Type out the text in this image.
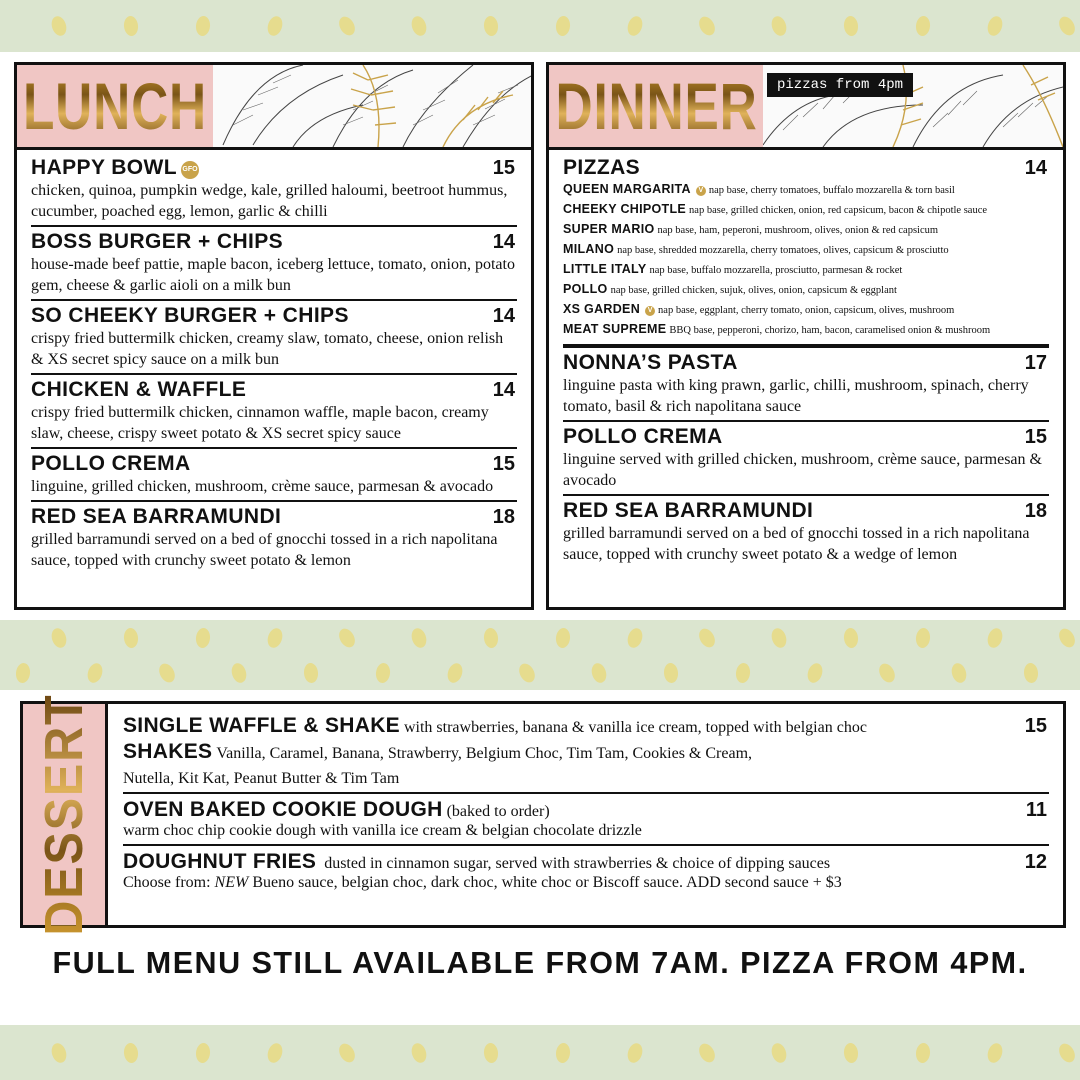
LUNCH
HAPPY BOWL GFO	15
chicken, quinoa, pumpkin wedge, kale, grilled haloumi, beetroot hummus, cucumber, poached egg, lemon, garlic & chilli
BOSS BURGER + CHIPS	14
house-made beef pattie, maple bacon, iceberg lettuce, tomato, onion, potato gem, cheese & garlic aioli on a milk bun
SO CHEEKY BURGER + CHIPS	14
crispy fried buttermilk chicken, creamy slaw, tomato, cheese, onion relish & XS secret spicy sauce on a milk bun
CHICKEN & WAFFLE	14
crispy fried buttermilk chicken, cinnamon waffle, maple bacon, creamy slaw, cheese, crispy sweet potato & XS secret spicy sauce
POLLO CREMA	15
linguine, grilled chicken, mushroom, crème sauce, parmesan & avocado
RED SEA BARRAMUNDI	18
grilled barramundi served on a bed of gnocchi tossed in a rich napolitana sauce, topped with crunchy sweet potato & lemon
DINNER	pizzas from 4pm
PIZZAS	14
QUEEN MARGARITA V nap base, cherry tomatoes, buffalo mozzarella & torn basil
CHEEKY CHIPOTLE nap base, grilled chicken, onion, red capsicum, bacon & chipotle sauce
SUPER MARIO nap base, ham, peperoni, mushroom, olives, onion & red capsicum
MILANO nap base, shredded mozzarella, cherry tomatoes, olives, capsicum & prosciutto
LITTLE ITALY nap base, buffalo mozzarella, prosciutto, parmesan & rocket
POLLO nap base, grilled chicken, sujuk, olives, onion, capsicum & eggplant
XS GARDEN V nap base, eggplant, cherry tomato, onion, capsicum, olives, mushroom
MEAT SUPREME BBQ base, pepperoni, chorizo, ham, bacon, caramelised onion & mushroom
NONNA’S PASTA	17
linguine pasta with king prawn, garlic, chilli, mushroom, spinach, cherry tomato, basil & rich napolitana sauce
POLLO CREMA	15
linguine served with grilled chicken, mushroom, crème sauce, parmesan & avocado
RED SEA BARRAMUNDI	18
grilled barramundi served on a bed of gnocchi tossed in a rich napolitana sauce, topped with crunchy sweet potato & a wedge of lemon
DESSERT SINGLE WAFFLE & SHAKE with strawberries, banana & vanilla ice cream, topped with belgian choc	15
SHAKES Vanilla, Caramel, Banana, Strawberry, Belgium Choc, Tim Tam, Cookies & Cream,
Nutella, Kit Kat, Peanut Butter & Tim Tam
OVEN BAKED COOKIE DOUGH (baked to order)	11
warm choc chip cookie dough with vanilla ice cream & belgian chocolate drizzle
DOUGHNUT FRIES dusted in cinnamon sugar, served with strawberries & choice of dipping sauces	12
Choose from: NEW Bueno sauce, belgian choc, dark choc, white choc or Biscoff sauce. ADD second sauce + $3
FULL MENU STILL AVAILABLE FROM 7AM. PIZZA FROM 4PM.
